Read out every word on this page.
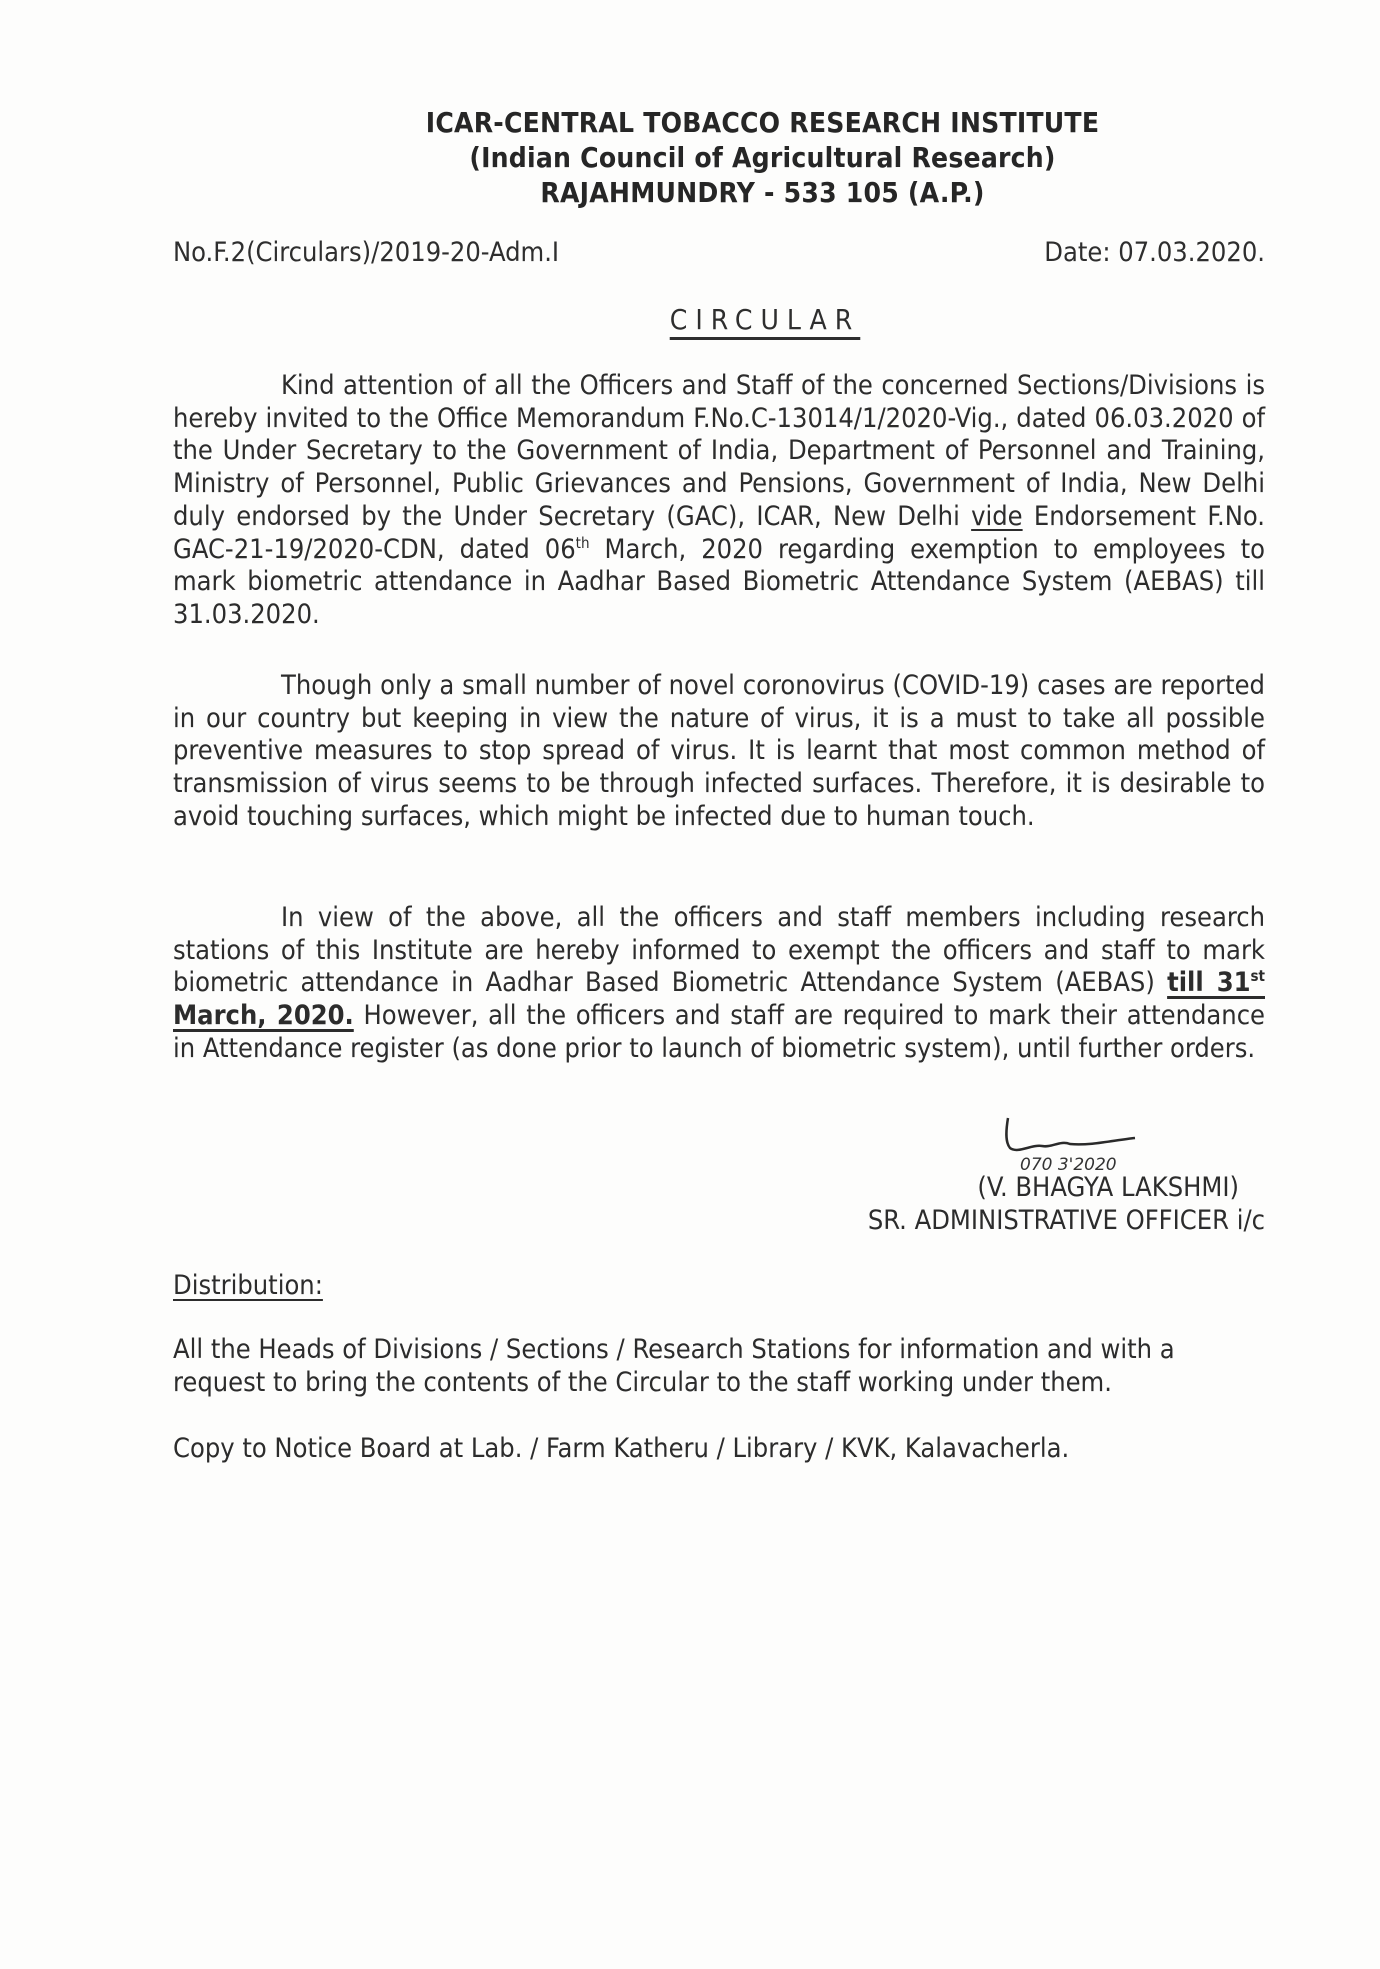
ICAR-CENTRAL TOBACCO RESEARCH INSTITUTE
(Indian Council of Agricultural Research)
RAJAHMUNDRY - 533 105 (A.P.)
No.F.2(Circulars)/2019-20-Adm.I	Date: 07.03.2020.
CIRCULAR
Kind attention of all the Officers and Staff of the concerned Sections/Divisions is hereby invited to the Office Memorandum F.No.C-13014/1/2020-Vig., dated 06.03.2020 of the Under Secretary to the Government of India, Department of Personnel and Training, Ministry of Personnel, Public Grievances and Pensions, Government of India, New Delhi duly endorsed by the Under Secretary (GAC), ICAR, New Delhi vide Endorsement F.No. GAC-21-19/2020-CDN, dated 06th March, 2020 regarding exemption to employees to mark biometric attendance in Aadhar Based Biometric Attendance System (AEBAS) till 31.03.2020.
Though only a small number of novel coronovirus (COVID-19) cases are reported in our country but keeping in view the nature of virus, it is a must to take all possible preventive measures to stop spread of virus. It is learnt that most common method of transmission of virus seems to be through infected surfaces. Therefore, it is desirable to avoid touching surfaces, which might be infected due to human touch.
In view of the above, all the officers and staff members including research stations of this Institute are hereby informed to exempt the officers and staff to mark biometric attendance in Aadhar Based Biometric Attendance System (AEBAS) till 31st March, 2020. However, all the officers and staff are required to mark their attendance in Attendance register (as done prior to launch of biometric system), until further orders.
070 3'2020
(V. BHAGYA LAKSHMI)
SR. ADMINISTRATIVE OFFICER i/c
Distribution:
All the Heads of Divisions / Sections / Research Stations for information and with a request to bring the contents of the Circular to the staff working under them.
Copy to Notice Board at Lab. / Farm Katheru / Library / KVK, Kalavacherla.
